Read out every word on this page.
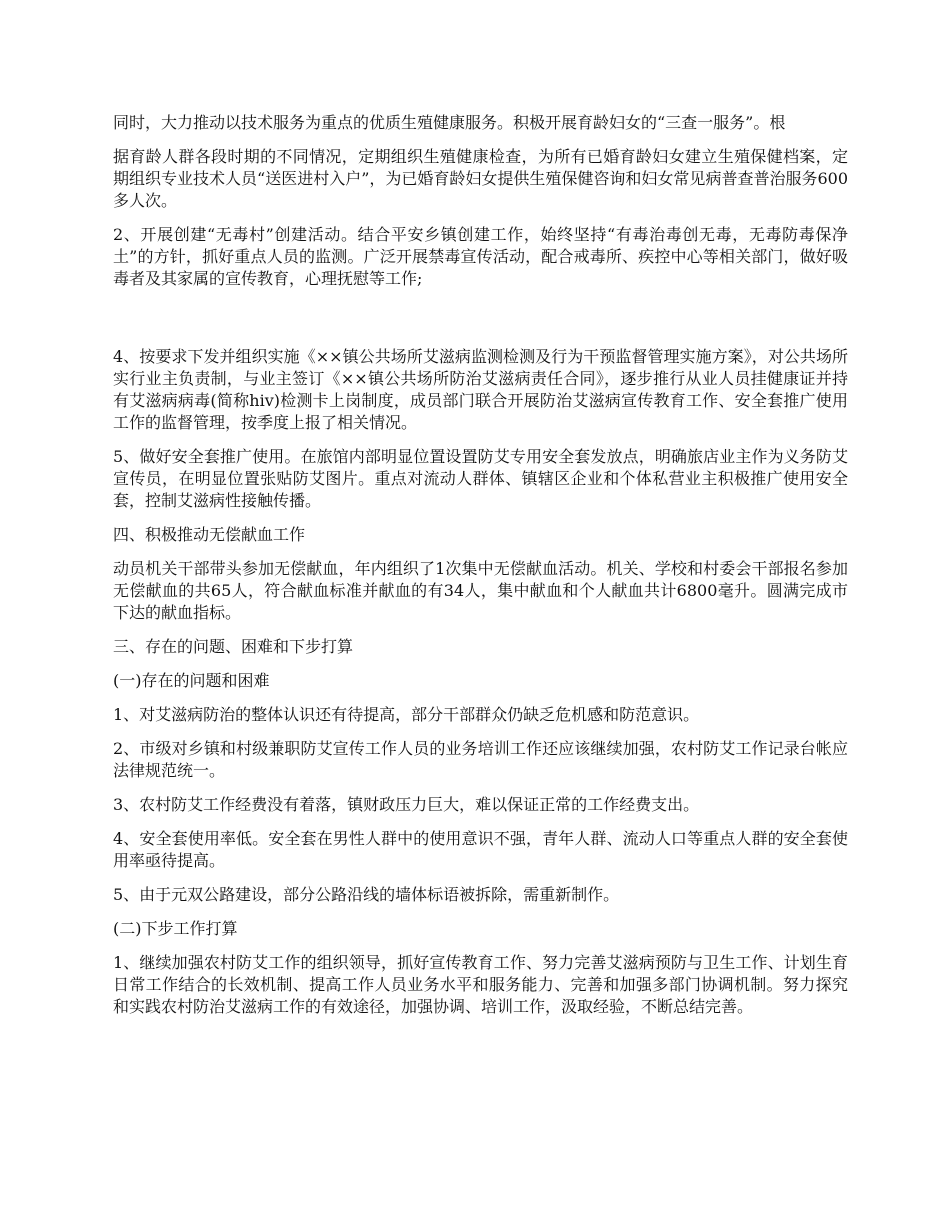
同时，大力推动以技术服务为重点的优质生殖健康服务。积极开展育龄妇女的“三查一服务”。根

据育龄人群各段时期的不同情况，定期组织生殖健康检查，为所有已婚育龄妇女建立生殖保健档案，定期组织专业技术人员“送医进村入户”，为已婚育龄妇女提供生殖保健咨询和妇女常见病普查普治服务600多人次。

2、开展创建“无毒村”创建活动。结合平安乡镇创建工作，始终坚持“有毒治毒创无毒，无毒防毒保净土”的方针，抓好重点人员的监测。广泛开展禁毒宣传活动，配合戒毒所、疾控中心等相关部门，做好吸毒者及其家属的宣传教育，心理抚慰等工作;

4、按要求下发并组织实施《××镇公共场所艾滋病监测检测及行为干预监督管理实施方案》，对公共场所实行业主负责制，与业主签订《××镇公共场所防治艾滋病责任合同》，逐步推行从业人员挂健康证并持有艾滋病病毒(简称hiv)检测卡上岗制度，成员部门联合开展防治艾滋病宣传教育工作、安全套推广使用工作的监督管理，按季度上报了相关情况。

5、做好安全套推广使用。在旅馆内部明显位置设置防艾专用安全套发放点，明确旅店业主作为义务防艾宣传员，在明显位置张贴防艾图片。重点对流动人群体、镇辖区企业和个体私营业主积极推广使用安全套，控制艾滋病性接触传播。

四、积极推动无偿献血工作

动员机关干部带头参加无偿献血，年内组织了1次集中无偿献血活动。机关、学校和村委会干部报名参加无偿献血的共65人，符合献血标准并献血的有34人，集中献血和个人献血共计6800毫升。圆满完成市下达的献血指标。

三、存在的问题、困难和下步打算

(一)存在的问题和困难

1、对艾滋病防治的整体认识还有待提高，部分干部群众仍缺乏危机感和防范意识。

2、市级对乡镇和村级兼职防艾宣传工作人员的业务培训工作还应该继续加强，农村防艾工作记录台帐应法律规范统一。

3、农村防艾工作经费没有着落，镇财政压力巨大，难以保证正常的工作经费支出。

4、安全套使用率低。安全套在男性人群中的使用意识不强，青年人群、流动人口等重点人群的安全套使用率亟待提高。

5、由于元双公路建设，部分公路沿线的墙体标语被拆除，需重新制作。

(二)下步工作打算

1、继续加强农村防艾工作的组织领导，抓好宣传教育工作、努力完善艾滋病预防与卫生工作、计划生育日常工作结合的长效机制、提高工作人员业务水平和服务能力、完善和加强多部门协调机制。努力探究和实践农村防治艾滋病工作的有效途径，加强协调、培训工作，汲取经验，不断总结完善。
